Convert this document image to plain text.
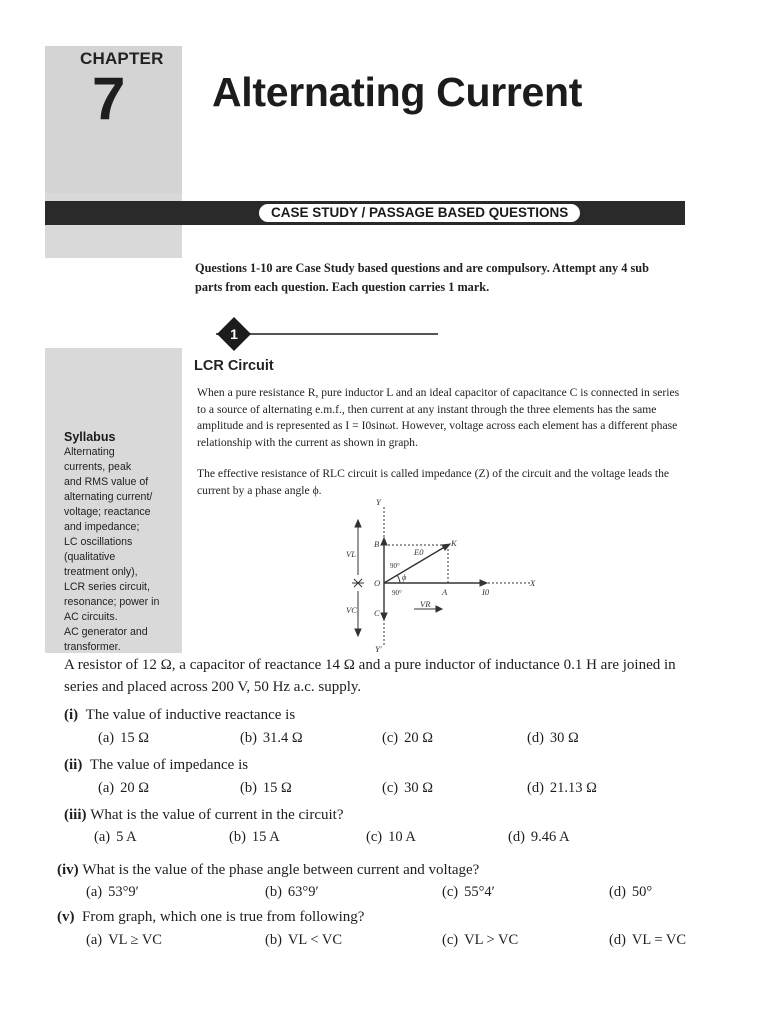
CHAPTER
7 Alternating Current
Syllabus
Alternating
currents, peak
and RMS value of
alternating current/
voltage; reactance
and impedance;
LC oscillations
(qualitative
treatment only),
LCR series circuit,
resonance; power in
AC circuits.
AC generator and
transformer.
CASE STUDY / PASSAGE BASED QUESTIONS
Questions 1-10 are Case Study based questions and are compulsory. Attempt any 4 sub parts from each question. Each question carries 1 mark.
1
LCR Circuit
When a pure resistance R, pure inductor L and an ideal capacitor of capacitance C is connected in series to a source of alternating e.m.f., then current at any instant through the three elements has the same amplitude and is represented as I = I0sinωt. However, voltage across each element has a different phase relationship with the current as shown in graph.
The effective resistance of RLC circuit is called impedance (Z) of the circuit and the voltage leads the current by a phase angle ϕ.
Y
X
Y'
O
B
C
A
K
E0
I0
ϕ
90°
90°
VL
VC
VR
A resistor of 12 Ω, a capacitor of reactance 14 Ω and a pure inductor of inductance 0.1 H are joined in series and placed across 200 V, 50 Hz a.c. supply.
(i) The value of inductive reactance is
(a) 15 Ω	(b) 31.4 Ω	(c) 20 Ω	(d) 30 Ω
(ii) The value of impedance is
(a) 20 Ω	(b) 15 Ω	(c) 30 Ω	(d) 21.13 Ω
(iii) What is the value of current in the circuit?
(a) 5 A	(b) 15 A	(c) 10 A	(d) 9.46 A
(iv) What is the value of the phase angle between current and voltage?
(a) 53°9′	(b) 63°9′	(c) 55°4′	(d) 50°
(v) From graph, which one is true from following?
(a) VL ≥ VC	(b) VL < VC	(c) VL > VC	(d) VL = VC
